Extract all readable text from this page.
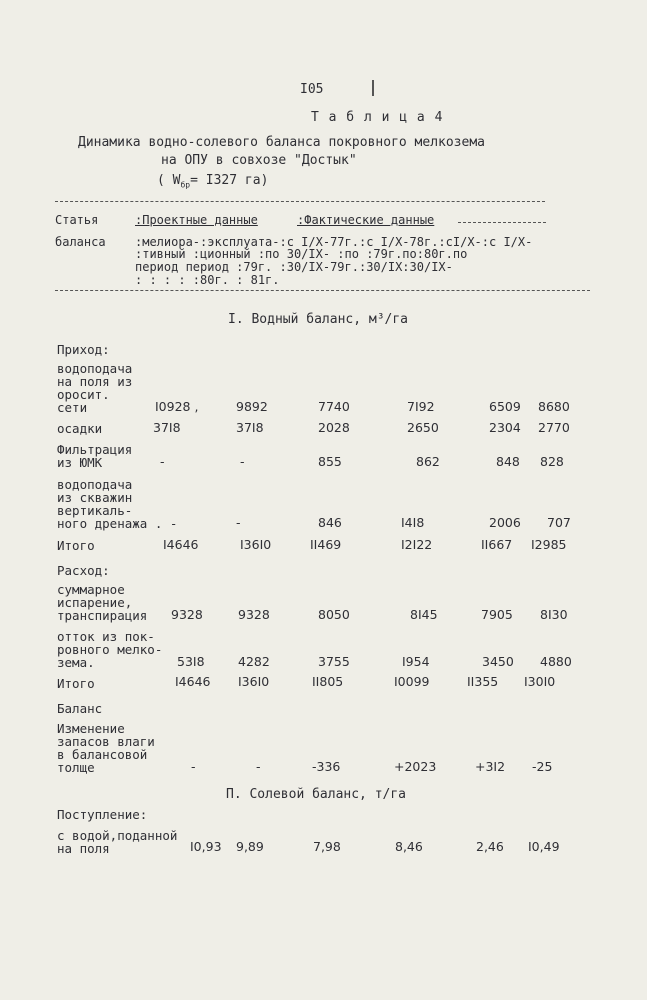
I05
Т а б л и ц а 4
Динамика водно-солевого баланса покровного мелкозема
на ОПУ в совхозе "Достык"
( $W_{бр}= I327$ га)
Статья
баланса
:Проектные данные	:Фактические данные
:мелиора-:эксплуата-:с I/X-77г.:с I/X-78г.:сI/X-:с I/X-
:тивный :ционный :по 30/IX- :по :79г.по:80г.по
период период :79г. :30/IX-79г.:30/IX:30/IX-
: : : : :80г. : 81г.
I. Водный баланс, м³/га
Приход:
водоподача
на поля из
оросит.
сети	I0928 ,	9892	7740	7I92	6509 8680
осадки	37I8	37I8	2028	2650	2304 2770
Фильтрация
из ЮМК	-	-	855	862	848 828
водоподача
из скважин
вертикаль-
ного дренажа . -	-	846	I4I8	2006 707
Итого	I4646	I36I0	II469	I2I22	II667 I2985
Расход:
суммарное
испарение,
транспирация 9328	9328	8050	8I45	7905 8I30
отток из пок-
ровного мелко-
зема.	53I8	4282	3755	I954	3450 4880
Итого	I4646 I36I0	II805	I0099	II355 I30I0
Баланс
Изменение
запасов влаги
в балансовой
толще	-	-	-336	+2023	+3I2 -25
П. Солевой баланс, т/га
Поступление:
с водой,поданной
на поля	I0,93 9,89	7,98	8,46	2,46 I0,49
